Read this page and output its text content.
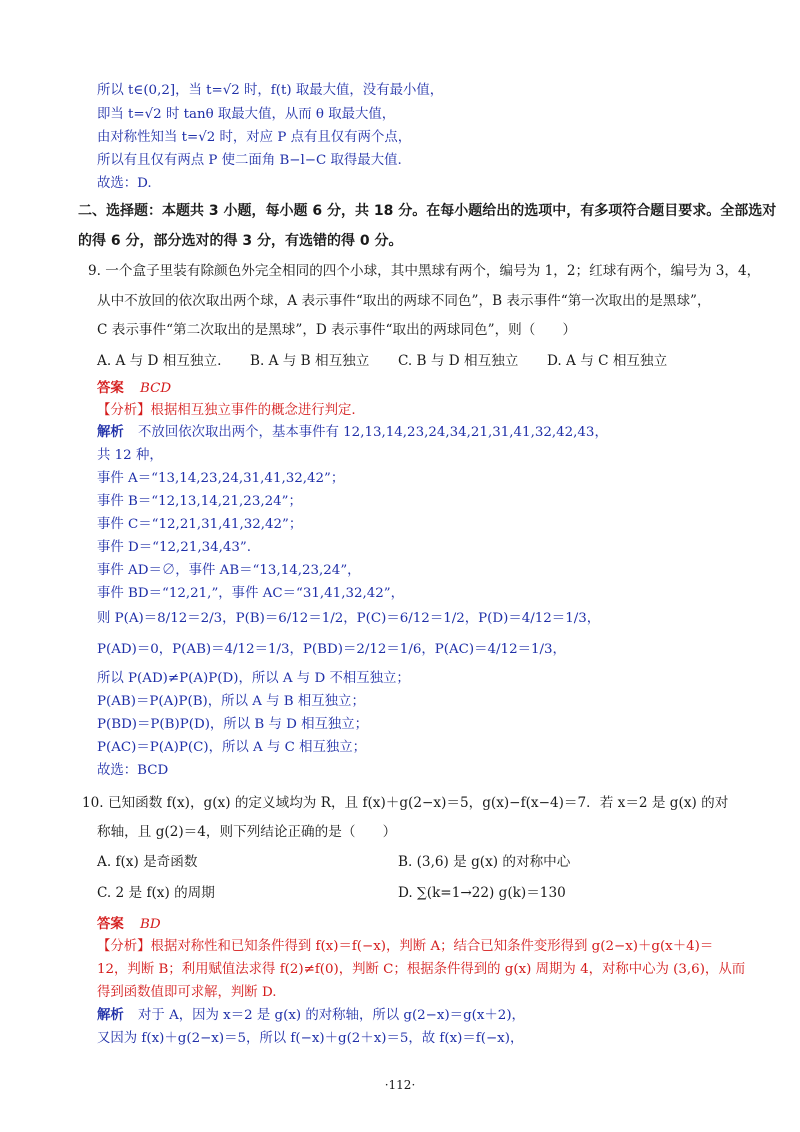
所以 t∈(0,2]，当 t=√2 时，f(t) 取最大值，没有最小值，
即当 t=√2 时 tanθ 取最大值，从而 θ 取最大值，
由对称性知当 t=√2 时，对应 P 点有且仅有两个点，
所以有且仅有两点 P 使二面角 B−l−C 取得最大值.
故选：D.
二、选择题：本题共 3 小题，每小题 6 分，共 18 分。在每小题给出的选项中，有多项符合题目要求。全部选对
的得 6 分，部分选对的得 3 分，有选错的得 0 分。
9. 一个盒子里装有除颜色外完全相同的四个小球，其中黑球有两个，编号为 1，2；红球有两个，编号为 3，4，
从中不放回的依次取出两个球，A 表示事件“取出的两球不同色”，B 表示事件“第一次取出的是黑球”，
C 表示事件“第二次取出的是黑球”，D 表示事件“取出的两球同色”，则（　　）
A. A 与 D 相互独立. B. A 与 B 相互独立 C. B 与 D 相互独立 D. A 与 C 相互独立
答案 BCD
【分析】根据相互独立事件的概念进行判定.
解析 不放回依次取出两个，基本事件有 12,13,14,23,24,34,21,31,41,32,42,43，
共 12 种，
事件 A＝“13,14,23,24,31,41,32,42”；
事件 B＝“12,13,14,21,23,24”；
事件 C＝“12,21,31,41,32,42”；
事件 D＝“12,21,34,43”.
事件 AD＝∅，事件 AB＝“13,14,23,24”，
事件 BD＝“12,21,”，事件 AC＝“31,41,32,42”，
则 P(A)＝8/12＝2/3，P(B)＝6/12＝1/2，P(C)＝6/12＝1/2，P(D)＝4/12＝1/3，
P(AD)＝0，P(AB)＝4/12＝1/3，P(BD)＝2/12＝1/6，P(AC)＝4/12＝1/3，
所以 P(AD)≠P(A)P(D)，所以 A 与 D 不相互独立；
P(AB)＝P(A)P(B)，所以 A 与 B 相互独立；
P(BD)＝P(B)P(D)，所以 B 与 D 相互独立；
P(AC)＝P(A)P(C)，所以 A 与 C 相互独立；
故选：BCD
10. 已知函数 f(x)，g(x) 的定义域均为 R，且 f(x)＋g(2−x)＝5，g(x)−f(x−4)＝7．若 x＝2 是 g(x) 的对
称轴，且 g(2)＝4，则下列结论正确的是（　　）
A. f(x) 是奇函数	B. (3,6) 是 g(x) 的对称中心
C. 2 是 f(x) 的周期	D. ∑(k=1→22) g(k)＝130
答案 BD
【分析】根据对称性和已知条件得到 f(x)＝f(−x)，判断 A；结合已知条件变形得到 g(2−x)＋g(x＋4)＝
12，判断 B；利用赋值法求得 f(2)≠f(0)，判断 C；根据条件得到的 g(x) 周期为 4，对称中心为 (3,6)，从而
得到函数值即可求解，判断 D.
解析 对于 A，因为 x＝2 是 g(x) 的对称轴，所以 g(2−x)＝g(x＋2)，
又因为 f(x)＋g(2−x)＝5，所以 f(−x)＋g(2＋x)＝5，故 f(x)＝f(−x)，
·112·
